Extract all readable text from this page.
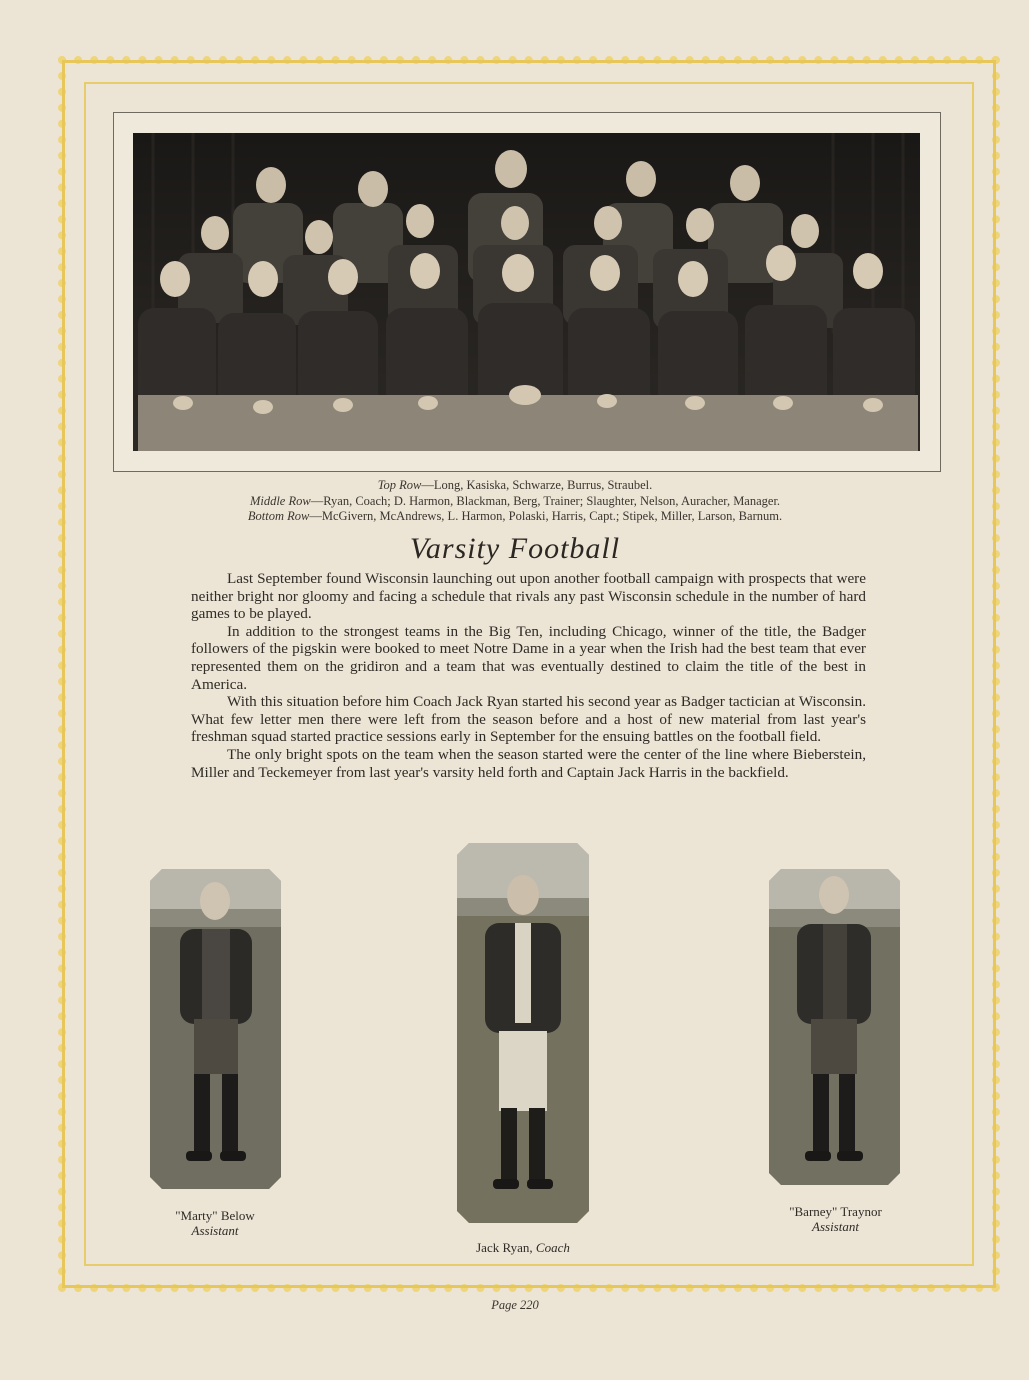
Top Row—Long, Kasiska, Schwarze, Burrus, Straubel.
Middle Row—Ryan, Coach; D. Harmon, Blackman, Berg, Trainer; Slaughter, Nelson, Auracher, Manager.
Bottom Row—McGivern, McAndrews, L. Harmon, Polaski, Harris, Capt.; Stipek, Miller, Larson, Barnum.
Varsity Football

Last September found Wisconsin launching out upon another football campaign with prospects that were neither bright nor gloomy and facing a schedule that rivals any past Wisconsin schedule in the number of hard games to be played.

In addition to the strongest teams in the Big Ten, including Chicago, winner of the title, the Badger followers of the pigskin were booked to meet Notre Dame in a year when the Irish had the best team that ever represented them on the gridiron and a team that was eventually destined to claim the title of the best in America.

With this situation before him Coach Jack Ryan started his second year as Badger tactician at Wisconsin. What few letter men there were left from the season before and a host of new material from last year's freshman squad started practice sessions early in September for the ensuing battles on the football field.

The only bright spots on the team when the season started were the center of the line where Bieberstein, Miller and Teckemeyer from last year's varsity held forth and Captain Jack Harris in the backfield.

"Marty" Below
Assistant
Jack Ryan, Coach
"Barney" Traynor
Assistant
Page 220
